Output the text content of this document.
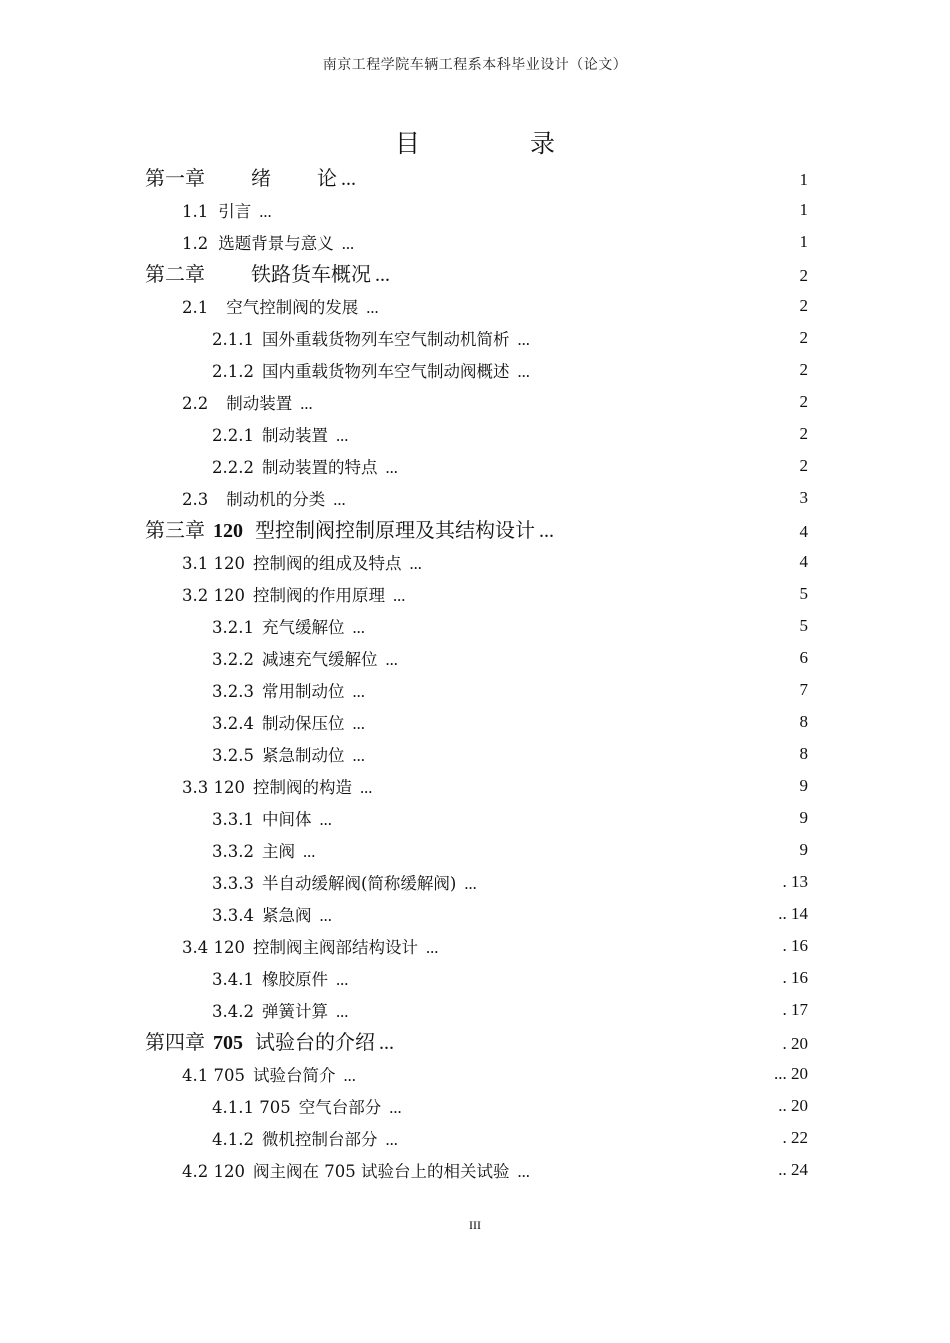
南京工程学院车辆工程系本科毕业设计（论文）
目	录
第一章 绪 论 ...	1
1.1 引言 ...	1
1.2 选题背景与意义 ...	1
第二章 铁路货车概况 ...	2
2.1 空气控制阀的发展 ...	2
2.1.1 国外重载货物列车空气制动机简析 ...	2
2.1.2 国内重载货物列车空气制动阀概述 ...	2
2.2 制动装置 ...	2
2.2.1 制动装置 ...	2
2.2.2 制动装置的特点 ...	2
2.3 制动机的分类 ...	3
第三章 120 型控制阀控制原理及其结构设计 ...	4
3.1 120 控制阀的组成及特点 ...	4
3.2 120 控制阀的作用原理 ...	5
3.2.1 充气缓解位 ...	5
3.2.2 减速充气缓解位 ...	6
3.2.3 常用制动位 ...	7
3.2.4 制动保压位 ...	8
3.2.5 紧急制动位 ...	8
3.3 120 控制阀的构造 ...	9
3.3.1 中间体 ...	9
3.3.2 主阀 ...	9
3.3.3 半自动缓解阀(简称缓解阀) ...	. 13
3.3.4 紧急阀 ...	.. 14
3.4 120 控制阀主阀部结构设计 ...	. 16
3.4.1 橡胶原件 ...	. 16
3.4.2 弹簧计算 ...	. 17
第四章 705 试验台的介绍 ...	. 20
4.1 705 试验台简介 ...	... 20
4.1.1 705 空气台部分 ...	.. 20
4.1.2 微机控制台部分 ...	. 22
4.2 120 阀主阀在 705 试验台上的相关试验 ...	.. 24
III
